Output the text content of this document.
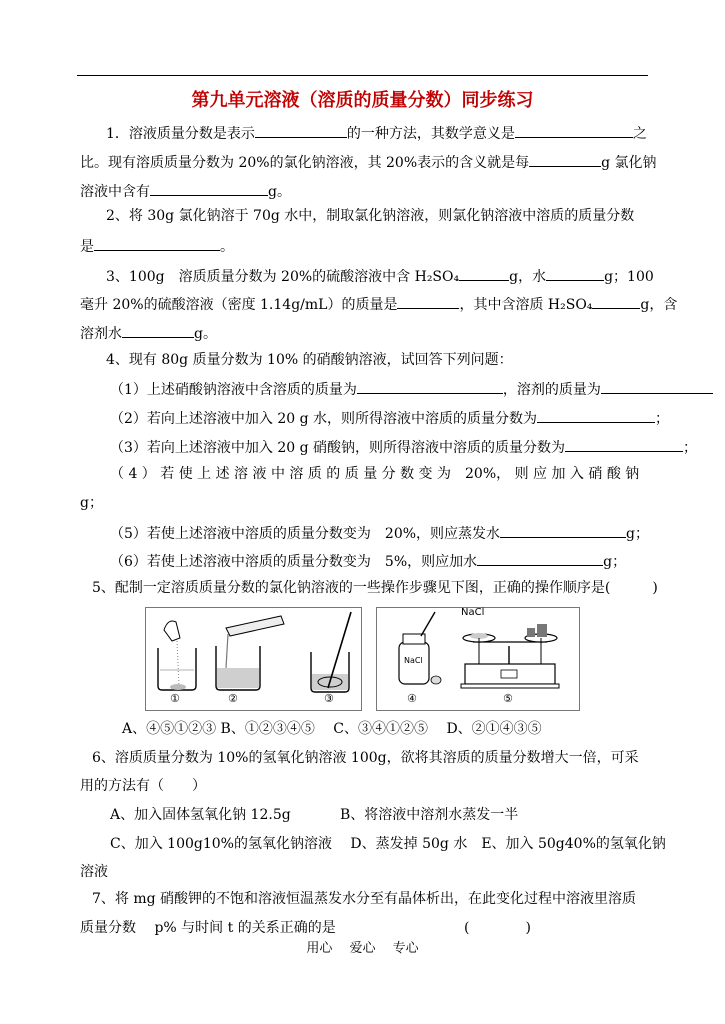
第九单元溶液（溶质的质量分数）同步练习
1．溶液质量分数是表示	的一种方法，其数学意义是	之
比。现有溶质质量分数为 20%的氯化钠溶液，其 20%表示的含义就是每	g 氯化钠
溶液中含有	g。
2、将 30g 氯化钠溶于 70g 水中，制取氯化钠溶液，则氯化钠溶液中溶质的质量分数
是	。
3、100g　溶质质量分数为 20%的硫酸溶液中含 H₂SO₄	g，水	g；100
毫升 20%的硫酸溶液（密度 1.14g/mL）的质量是	，其中含溶质 H₂SO₄	g，含
溶剂水	g。
4、现有 80g 质量分数为 10% 的硝酸钠溶液，试回答下列问题：
（1）上述硝酸钠溶液中含溶质的质量为	，溶剂的质量为
（2）若向上述溶液中加入 20 g 水，则所得溶液中溶质的质量分数为	；
（3）若向上述溶液中加入 20 g 硝酸钠，则所得溶液中溶质的质量分数为	；
（ 4 ） 若 使 上 述 溶 液 中 溶 质 的 质 量 分 数 变 为　20%， 则 应 加 入 硝 酸 钠
g；
（5）若使上述溶液中溶质的质量分数变为　20%，则应蒸发水	g；
（6）若使上述溶液中溶质的质量分数变为　5%，则应加水	g；
5、配制一定溶质质量分数的氯化钠溶液的一些操作步骤见下图，正确的操作顺序是(　　　)
①	②	③
NaCl
NaCl
④	⑤
A、④⑤①②③ B、①②③④⑤　 C、③④①②⑤　 D、②①④③⑤
6、溶质质量分数为 10%的氢氧化钠溶液 100g，欲将其溶质的质量分数增大一倍，可采
用的方法有（　　）
A、加入固体氢氧化钠 12.5g	B、将溶液中溶剂水蒸发一半
C、加入 100g10%的氢氧化钠溶液　 D、蒸发掉 50g 水　E、加入 50g40%的氢氧化钠
溶液
7、将 mg 硝酸钾的不饱和溶液恒温蒸发水分至有晶体析出，在此变化过程中溶液里溶质
质量分数　 p% 与时间 t 的关系正确的是	(　　　　)
用心　 爱心　 专心
